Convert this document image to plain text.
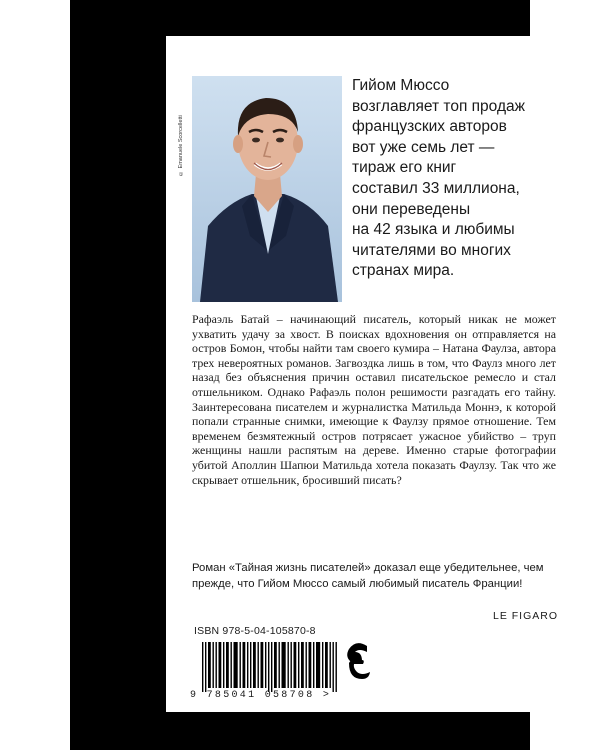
© Emanuele Scorcelletti
Гийом Мюссо
возглавляет топ продаж
французских авторов
вот уже семь лет —
тираж его книг
составил 33 миллиона,
они переведены
на 42 языка и любимы
читателями во многих
странах мира.
Рафаэль Батай – начинающий писатель, который никак не может ухватить удачу за хвост. В поисках вдохновения он отправляется на остров Бомон, чтобы найти там своего кумира – Натана Фаулза, автора трех невероятных романов. Загвоздка лишь в том, что Фаулз много лет назад без объяснения причин оставил писательское ремесло и стал отшельником. Однако Рафаэль полон решимости разгадать его тайну. Заинтересована писателем и журналистка Матильда Моннэ, к которой попали странные снимки, имеющие к Фаулзу прямое отношение. Тем временем безмятежный остров потрясает ужасное убийство – труп женщины нашли распятым на дереве. Именно старые фотографии убитой Аполлин Шапюи Матильда хотела показать Фаулзу. Так что же скрывает отшельник, бросивший писать?
Роман «Тайная жизнь писателей» доказал еще убедительнее, чем прежде, что Гийом Мюссо самый любимый писатель Франции!
LE FIGARO
ISBN 978-5-04-105870-8
9 785041 058708 >
